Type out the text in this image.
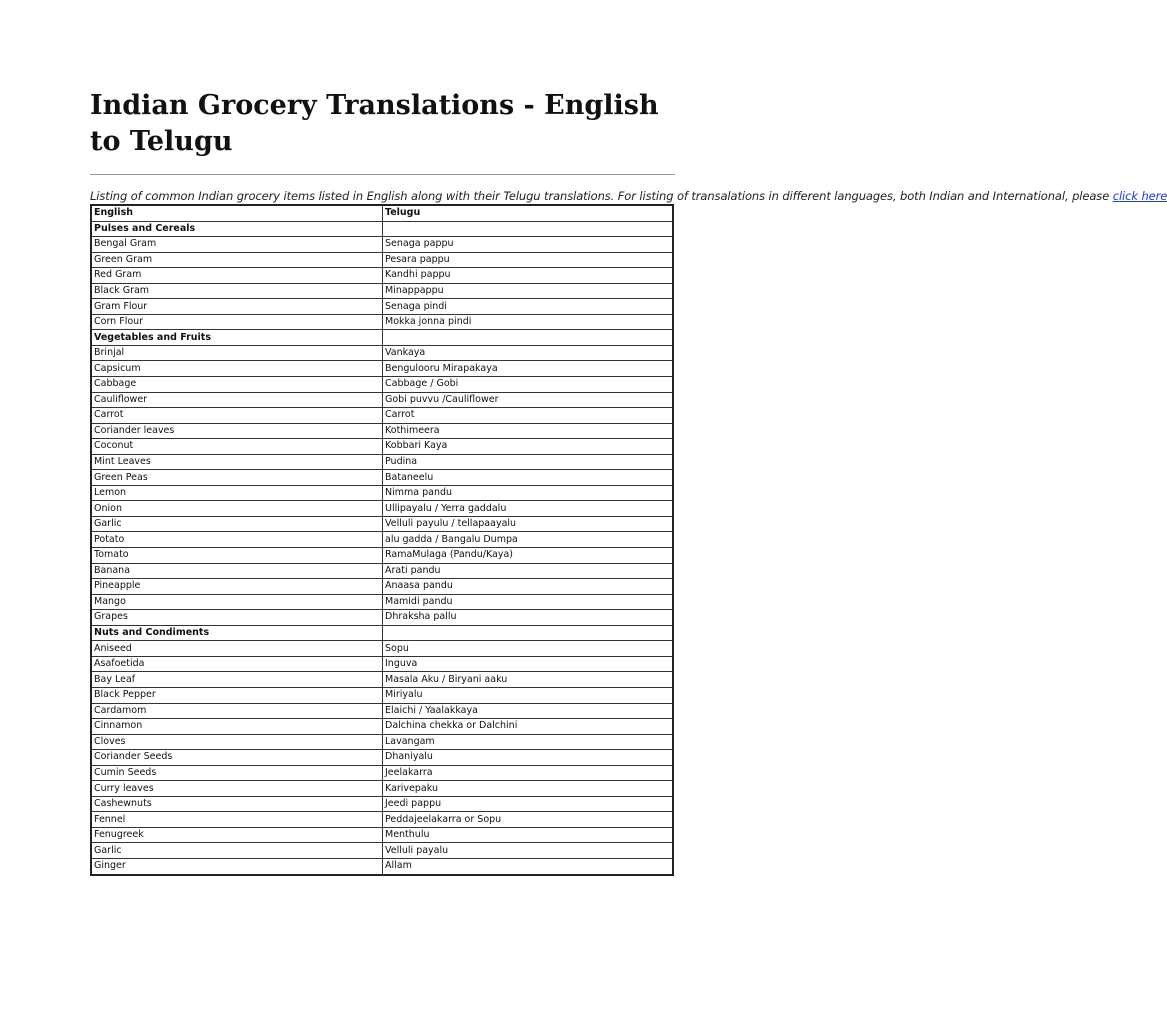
Indian Grocery Translations - English to Telugu
Listing of common Indian grocery items listed in English along with their Telugu translations. For listing of transalations in different languages, both Indian and International, please click here
English	Telugu
Pulses and Cereals	
Bengal Gram	Senaga pappu
Green Gram	Pesara pappu
Red Gram	Kandhi pappu
Black Gram	Minappappu
Gram Flour	Senaga pindi
Corn Flour	Mokka jonna pindi
Vegetables and Fruits	
Brinjal	Vankaya
Capsicum	Bengulooru Mirapakaya
Cabbage	Cabbage / Gobi
Cauliflower	Gobi puvvu /Cauliflower
Carrot	Carrot
Coriander leaves	Kothimeera
Coconut	Kobbari Kaya
Mint Leaves	Pudina
Green Peas	Bataneelu
Lemon	Nimma pandu
Onion	Ullipayalu / Yerra gaddalu
Garlic	Velluli payulu / tellapaayalu
Potato	alu gadda / Bangalu Dumpa
Tomato	RamaMulaga (Pandu/Kaya)
Banana	Arati pandu
Pineapple	Anaasa pandu
Mango	Mamidi pandu
Grapes	Dhraksha pallu
Nuts and Condiments	
Aniseed	Sopu
Asafoetida	Inguva
Bay Leaf	Masala Aku / Biryani aaku
Black Pepper	Miriyalu
Cardamom	Elaichi / Yaalakkaya
Cinnamon	Dalchina chekka or Dalchini
Cloves	Lavangam
Coriander Seeds	Dhaniyalu
Cumin Seeds	Jeelakarra
Curry leaves	Karivepaku
Cashewnuts	Jeedi pappu
Fennel	Peddajeelakarra or Sopu
Fenugreek	Menthulu
Garlic	Velluli payalu
Ginger	Allam
